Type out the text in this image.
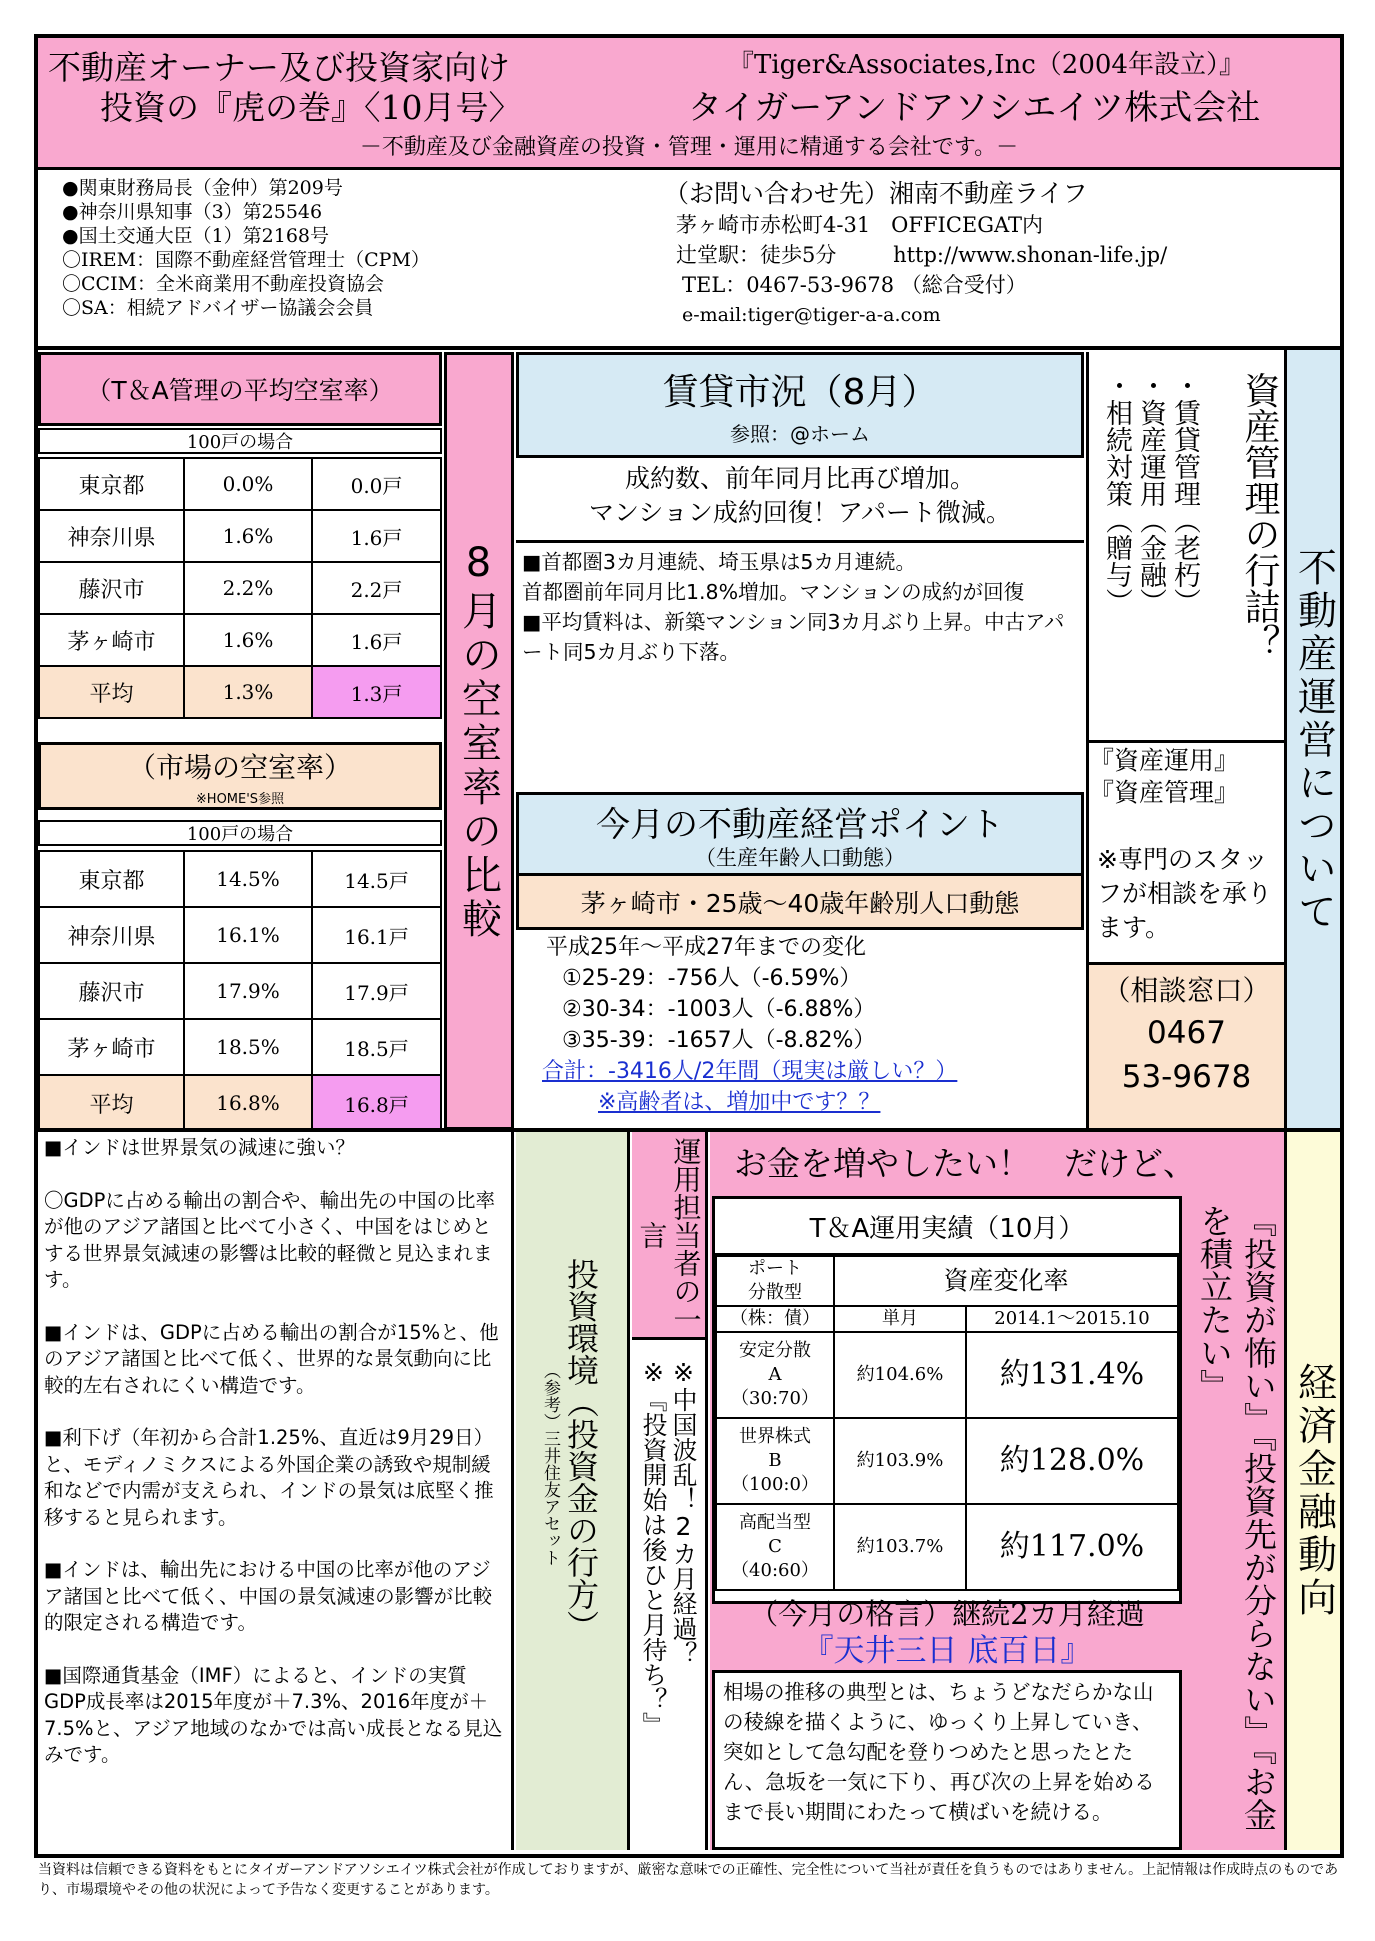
不動産オーナー及び投資家向け
投資の『虎の巻』〈10月号〉
『Tiger&Associates,Inc（2004年設立）』
タイガーアンドアソシエイツ株式会社
－不動産及び金融資産の投資・管理・運用に精通する会社です。－
●関東財務局長（金仲）第209号
●神奈川県知事（3）第25546
●国土交通大臣（1）第2168号
〇IREM：国際不動産経営管理士（CPM）
〇CCIM：全米商業用不動産投資協会
〇SA：相続アドバイザー協議会会員
（お問い合わせ先）湘南不動産ライフ
茅ヶ崎市赤松町4-31　OFFICEGAT内
辻堂駅：徒歩5分	http://www.shonan-life.jp/
TEL：0467-53-9678 （総合受付）
e-mail:tiger@tiger-a-a.com
（T＆A管理の平均空室率）
100戸の場合
東京都	0.0%	0.0戸
神奈川県	1.6%	1.6戸
藤沢市	2.2%	2.2戸
茅ヶ崎市	1.6%	1.6戸
平均	1.3%	1.3戸
（市場の空室率）
※HOME'S参照
100戸の場合
東京都	14.5%	14.5戸
神奈川県	16.1%	16.1戸
藤沢市	17.9%	17.9戸
茅ヶ崎市	18.5%	18.5戸
平均	16.8%	16.8戸
8月の空室率の比較
賃貸市況（8月）
参照：@ホーム
成約数、前年同月比再び増加。
マンション成約回復！アパート微減。
■首都圏3カ月連続、埼玉県は5カ月連続。
首都圏前年同月比1.8%増加。マンションの成約が回復
■平均賃料は、新築マンション同3カ月ぶり上昇。中古アパート同5カ月ぶり下落。
今月の不動産経営ポイント
（生産年齢人口動態）
茅ヶ崎市・25歳～40歳年齢別人口動態
平成25年～平成27年までの変化
①25-29：-756人（-6.59%）
②30-34：-1003人（-6.88%）
③35-39：-1657人（-8.82%）
合計：-3416人/2年間（現実は厳しい？）
※高齢者は、増加中です？？
資産管理の行詰？
・賃貸管理（老朽）
・資産運用（金融）
・相続対策（贈与）
『資産運用』
『資産管理』
※専門のスタッフが相談を承ります。
（相談窓口）
0467
53-9678
不動産運営について
■インドは世界景気の減速に強い？
〇GDPに占める輸出の割合や、輸出先の中国の比率が他のアジア諸国と比べて小さく、中国をはじめとする世界景気減速の影響は比較的軽微と見込まれます。
■インドは、GDPに占める輸出の割合が15%と、他のアジア諸国と比べて低く、世界的な景気動向に比較的左右されにくい構造です。
■利下げ（年初から合計1.25%、直近は9月29日）と、モディノミクスによる外国企業の誘致や規制緩和などで内需が支えられ、インドの景気は底堅く推移すると見られます。
■インドは、輸出先における中国の比率が他のアジア諸国と比べて低く、中国の景気減速の影響が比較的限定される構造です。
■国際通貨基金（IMF）によると、インドの実質GDP成長率は2015年度が＋7.3%、2016年度が＋7.5%と、アジア地域のなかでは高い成長となる見込みです。
投資環境（投資金の行方）
（参考）三井住友アセット
運用担当者の一言
※中国波乱！2カ月経過？
※『投資開始は後ひと月待ち？』
お金を増やしたい！　だけど、
『投資が怖い』『投資先が分らない』『お金を積立たい』
T＆A運用実績（10月）
ポート
分散型	資産変化率	

（株：債）	単月	2014.1～2015.10

安定分散
A
（30:70）	約104.6%	約131.4%

世界株式
B
（100:0）	約103.9%	約128.0%

高配当型
C
（40:60）	約103.7%	約117.0%
（今月の格言）継続2カ月経過
『天井三日 底百日』
相場の推移の典型とは、ちょうどなだらかな山の稜線を描くように、ゆっくり上昇していき、突如として急勾配を登りつめたと思ったとたん、急坂を一気に下り、再び次の上昇を始めるまで長い期間にわたって横ばいを続ける。
経済金融動向
当資料は信頼できる資料をもとにタイガーアンドアソシエイツ株式会社が作成しておりますが、厳密な意味での正確性、完全性について当社が責任を負うものではありません。上記情報は作成時点のものであり、市場環境やその他の状況によって予告なく変更することがあります。
